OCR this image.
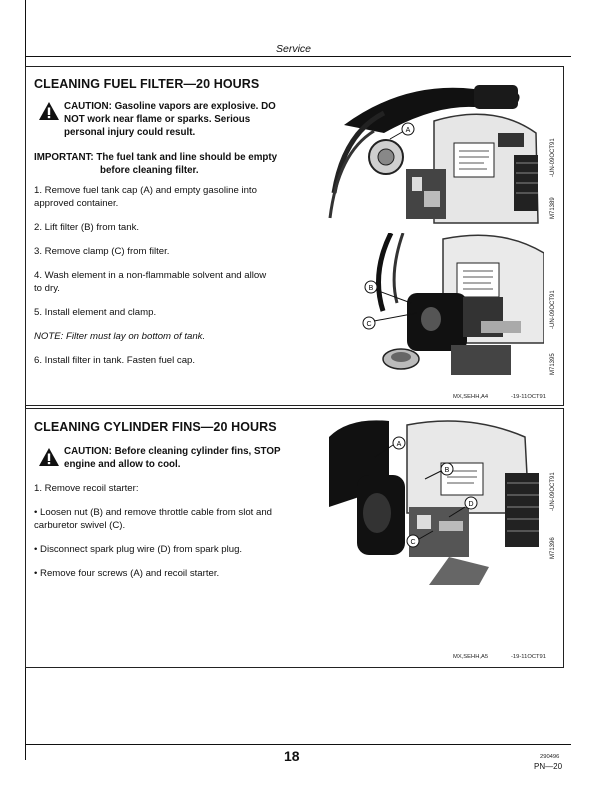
Service
CLEANING FUEL FILTER—20 HOURS
CAUTION: Gasoline vapors are explosive. DO
NOT work near flame or sparks. Serious
personal injury could result.
IMPORTANT: The fuel tank and line should be empty
before cleaning filter.
1. Remove fuel tank cap (A) and empty gasoline into
approved container.
2. Lift filter (B) from tank.
3. Remove clamp (C) from filter.
4. Wash element in a non-flammable solvent and allow
to dry.
5. Install element and clamp.
NOTE: Filter must lay on bottom of tank.
6. Install filter in tank. Fasten fuel cap.
A
-UN-09OCT91
M71389
B
C	-UN-09OCT91
M71395
MX,SEHH,A4	-19-11OCT91
CLEANING CYLINDER FINS—20 HOURS
CAUTION: Before cleaning cylinder fins, STOP
engine and allow to cool.
1. Remove recoil starter:
• Loosen nut (B) and remove throttle cable from slot and
carburetor swivel (C).
• Disconnect spark plug wire (D) from spark plug.
• Remove four screws (A) and recoil starter.
A
B
D
C
-UN-09OCT91
M71396
MX,SEHH,A5	-19-11OCT91
18	290496
PN—20
